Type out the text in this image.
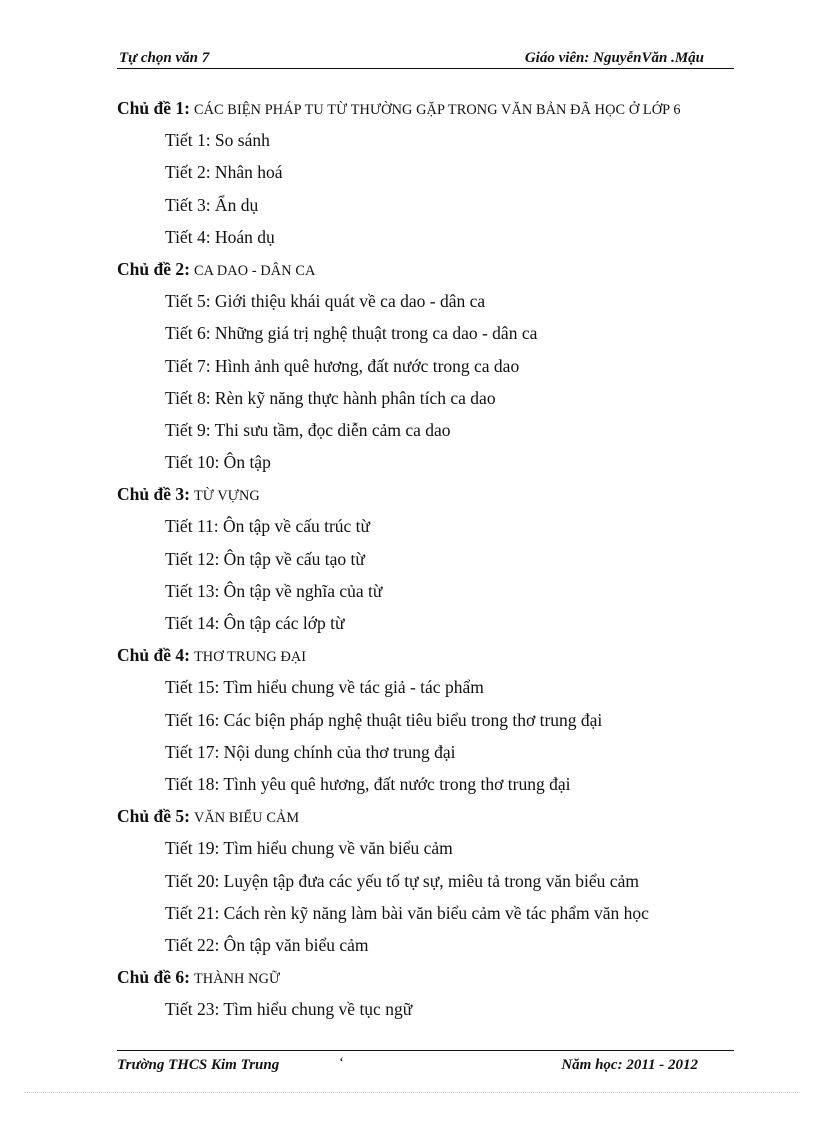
Tự chọn văn 7	Giáo viên: NguyễnVăn .Mậu
Chủ đề 1: CÁC BIỆN PHÁP TU TỪ THƯỜNG GẶP TRONG VĂN BẢN ĐÃ HỌC Ở LỚP 6
Tiết 1: So sánh
Tiết 2: Nhân hoá
Tiết 3: Ẩn dụ
Tiết 4: Hoán dụ
Chủ đề 2: CA DAO - DÂN CA
Tiết 5: Giới thiệu khái quát về ca dao - dân ca
Tiết 6: Những giá trị nghệ thuật trong ca dao - dân ca
Tiết 7: Hình ảnh quê hương, đất nước trong ca dao
Tiết 8: Rèn kỹ năng thực hành phân tích ca dao
Tiết 9: Thi sưu tầm, đọc diễn cảm ca dao
Tiết 10: Ôn tập
Chủ đề 3: TỪ VỰNG
Tiết 11: Ôn tập về cấu trúc từ
Tiết 12: Ôn tập về cấu tạo từ
Tiết 13: Ôn tập về nghĩa của từ
Tiết 14: Ôn tập các lớp từ
Chủ đề 4: THƠ TRUNG ĐẠI
Tiết 15: Tìm hiểu chung về tác giả - tác phẩm
Tiết 16: Các biện pháp nghệ thuật tiêu biểu trong thơ trung đại
Tiết 17: Nội dung chính của thơ trung đại
Tiết 18: Tình yêu quê hương, đất nước trong thơ trung đại
Chủ đề 5: VĂN BIỂU CẢM
Tiết 19: Tìm hiểu chung về văn biểu cảm
Tiết 20: Luyện tập đưa các yếu tố tự sự, miêu tả trong văn biểu cảm
Tiết 21: Cách rèn kỹ năng làm bài văn biểu cảm về tác phẩm văn học
Tiết 22: Ôn tập văn biểu cảm
Chủ đề 6: THÀNH NGỮ
Tiết 23: Tìm hiểu chung về tục ngữ
Trường THCS Kim Trung	‘	Năm học: 2011 - 2012
